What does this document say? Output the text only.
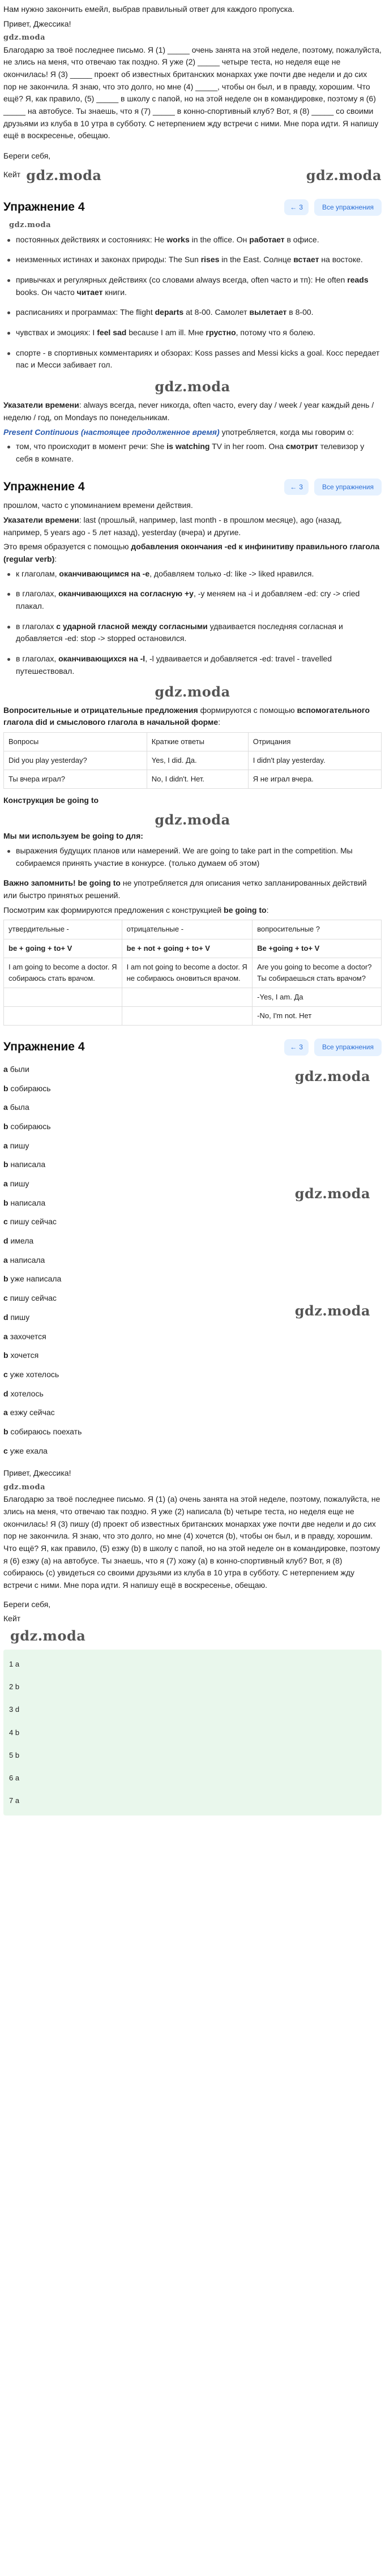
Нам нужно закончить емейл, выбрав правильный ответ для каждого пропуска.

Привет, Джессика!

gdz.moda

Благодарю за твоё последнее письмо. Я (1) _____ очень занята на этой неделе, поэтому, пожалуйста, не злись на меня, что отвечаю так поздно. Я уже (2) _____ четыре теста, но неделя еще не окончилась! Я (3) _____ проект об известных британских монархах уже почти две недели и до сих пор не закончила. Я знаю, что это долго, но мне (4) _____, чтобы он был, и в правду, хорошим. Что ещё? Я, как правило, (5) _____ в школу с папой, но на этой неделе он в командировке, поэтому я (6) _____ на автобусе. Ты знаешь, что я (7) _____ в конно-спортивный клуб? Вот, я (8) _____ со своими друзьями из клуба в 10 утра в субботу. С нетерпением жду встречи с ними. Мне пора идти. Я напишу ещё в воскресенье, обещаю.

Береги себя,

Кейт gdz.moda	gdz.moda
Упражнение 4	← 3	Все упражнения
gdz.moda
постоянных действиях и состояниях: He works in the office. Он работает в офисе.
неизменных истинах и законах природы: The Sun rises in the East. Солнце встает на востоке.
привычках и регулярных действиях (со словами always всегда, often часто и тп): He often reads books. Он часто читает книги.
расписаниях и программах: The flight departs at 8-00. Самолет вылетает в 8-00.
чувствах и эмоциях: I feel sad because I am ill. Мне грустно, потому что я болею.
спорте - в спортивных комментариях и обзорах: Koss passes and Messi kicks a goal. Косс передает пас и Месси забивает гол.
gdz.moda

Указатели времени: always всегда, never никогда, often часто, every day / week / year каждый день / неделю / год, on Mondays по понедельникам.

Present Continuous (настоящее продолженное время) употребляется, когда мы говорим о:

том, что происходит в момент речи: She is watching TV in her room. Она смотрит телевизор у себя в комнате.
Упражнение 4	← 3	Все упражнения

прошлом, часто с упоминанием времени действия.

Указатели времени: last (прошлый, например, last month - в прошлом месяце), ago (назад, например, 5 years ago - 5 лет назад), yesterday (вчера) и другие.

Это время образуется с помощью добавления окончания -ed к инфинитиву правильного глагола (regular verb):

к глаголам, оканчивающимся на -е, добавляем только -d: like -> liked нравился.
в глаголах, оканчивающихся на согласную +у, -у меняем на -i и добавляем -ed: cry -> cried плакал.
в глаголах с ударной гласной между согласными удваивается последняя согласная и добавляется -ed: stop -> stopped остановился.
в глаголах, оканчивающихся на -l, -l удваивается и добавляется -ed: travel - travelled путешествовал.
gdz.moda

Вопросительные и отрицательные предложения формируются с помощью вспомогательного глагола did и смыслового глагола в начальной форме:

Вопросы	Краткие ответы	Отрицания
Did you play yesterday?	Yes, I did. Да.	I didn't play yesterday.
Ты вчера играл?	No, I didn't. Нет.	Я не играл вчера.

Конструкция be going to

gdz.moda

Мы ми используем be going to для:

выражения будущих планов или намерений. We are going to take part in the competition. Мы собираемся принять участие в конкурсе. (только думаем об этом)

Важно запомнить! be going to не употребляется для описания четко запланированных действий или быстро принятых решений.

Посмотрим как формируются предложения с конструкцией be going to:

утвердительные -	отрицательные -	вопросительные ?
be + going + to+ V	be + not + going + to+ V	Be +going + to+ V
I am going to become a doctor. Я собираюсь стать врачом.	I am not going to become a doctor. Я не собираюсь оновиться врачом.	Are you going to become a doctor? Ты собираешься стать врачом?
		-Yes, I am. Да
		-No, I'm not. Нет
Упражнение 4	← 3	Все упражнения
а были
b собираюсь
а была
b собираюсь
а пишу
b написала
а пишу
b написала
с пишу сейчас
d имела
а написала
b уже написала
с пишу сейчас
d пишу
а захочется
b хочется
с уже хотелось
d хотелось
а езжу сейчас
b собираюсь поехать
с уже ехала
gdz.moda
gdz.moda
gdz.moda

Привет, Джессика!

gdz.moda

Благодарю за твоё последнее письмо. Я (1) (а) очень занята на этой неделе, поэтому, пожалуйста, не злись на меня, что отвечаю так поздно. Я уже (2) написала (b) четыре теста, но неделя еще не окончилась! Я (3) пишу (d) проект об известных британских монархах уже почти две недели и до сих пор не закончила. Я знаю, что это долго, но мне (4) хочется (b), чтобы он был, и в правду, хорошим. Что ещё? Я, как правило, (5) езжу (b) в школу с папой, но на этой неделе он в командировке, поэтому я (6) езжу (а) на автобусе. Ты знаешь, что я (7) хожу (а) в конно-спортивный клуб? Вот, я (8) собираюсь (с) увидеться со своими друзьями из клуба в 10 утра в субботу. С нетерпением жду встречи с ними. Мне пора идти. Я напишу ещё в воскресенье, обещаю.

Береги себя,

Кейт

gdz.moda
1 a
2 b
3 d
4 b
5 b
6 a
7 a
